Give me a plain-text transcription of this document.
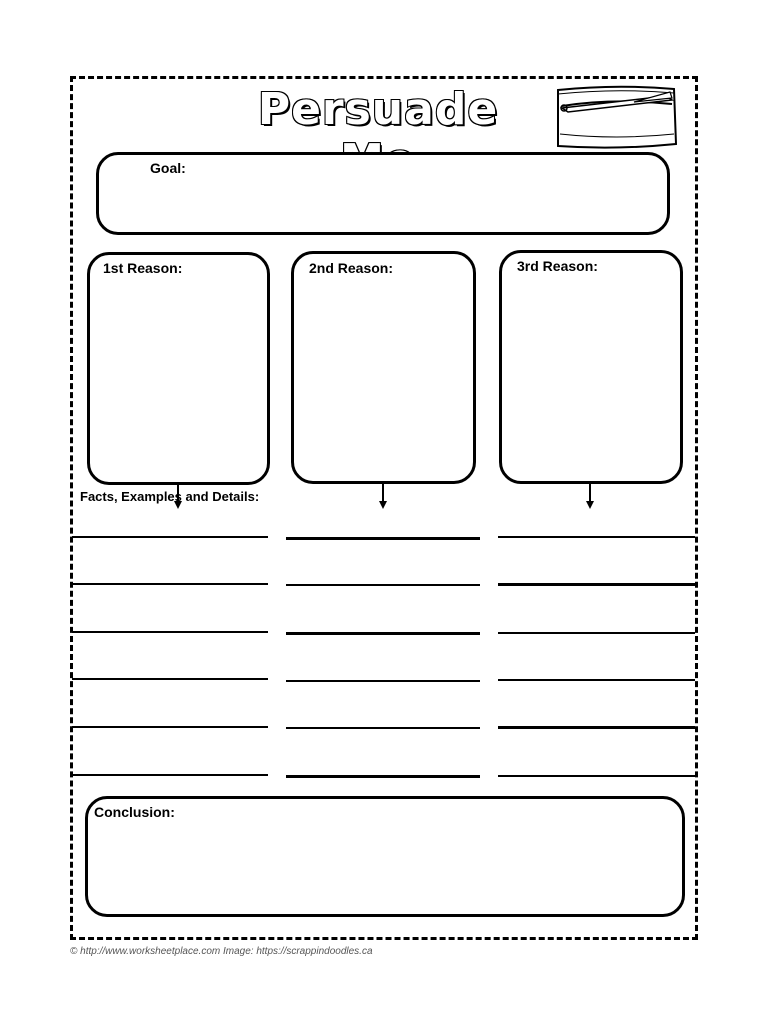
Persuade
Goal:
1st Reason:	2nd Reason:	3rd Reason:
Facts, Examples and Details:
Conclusion:
© http://www.worksheetplace.com Image: https://scrappindoodles.ca
